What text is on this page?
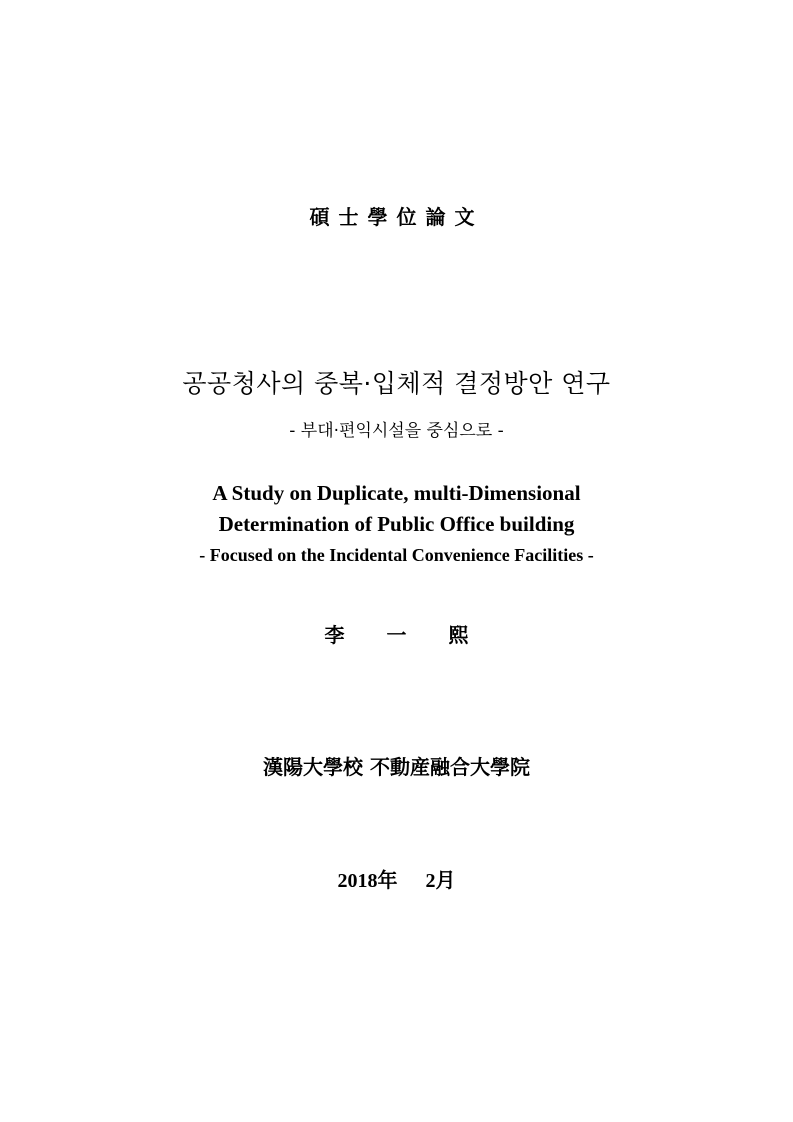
碩士學位論文
공공청사의 중복·입체적 결정방안 연구
- 부대·편익시설을 중심으로 -
A Study on Duplicate, multi-Dimensional
Determination of Public Office building
- Focused on the Incidental Convenience Facilities -
李一熙
漢陽大學校 不動産融合大學院
2018年 2月
